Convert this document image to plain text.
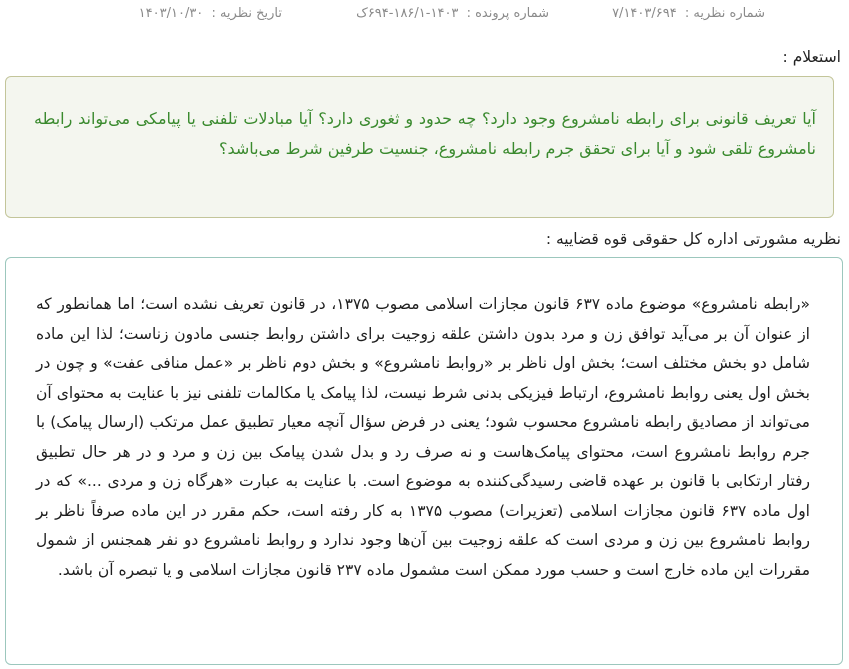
شماره نظریه : ۷/۱۴۰۳/۶۹۴
شماره پرونده : ۱۴۰۳-۱۸۶/۱-۶۹۴ک
تاریخ نظریه : ۱۴۰۳/۱۰/۳۰
استعلام :

آیا تعریف قانونی برای رابطه نامشروع وجود دارد؟ چه حدود و ثغوری دارد؟ آیا مبادلات تلفنی یا پیامکی می‌تواند رابطه نامشروع تلقی شود و آیا برای تحقق جرم رابطه نامشروع، جنسیت طرفین شرط می‌باشد؟

نظریه مشورتی اداره کل حقوقی قوه قضاییه :

«رابطه نامشروع» موضوع ماده ۶۳۷ قانون مجازات اسلامی مصوب ۱۳۷۵، در قانون تعریف نشده است؛ اما همانطور که از عنوان آن بر می‌آید توافق زن و مرد بدون داشتن علقه زوجیت برای داشتن روابط جنسی مادون زناست؛ لذا این ماده شامل دو بخش مختلف است؛ بخش اول ناظر بر «روابط نامشروع» و بخش دوم ناظر بر «عمل منافی عفت» و چون در بخش اول یعنی روابط نامشروع، ارتباط فیزیکی بدنی شرط نیست، لذا پیامک یا مکالمات تلفنی نیز با عنایت به محتوای آن می‌تواند از مصادیق رابطه نامشروع محسوب شود؛ یعنی در فرض سؤال آنچه معیار تطبیق عمل مرتکب (ارسال پیامک) با جرم روابط نامشروع است، محتوای پیامک‌هاست و نه صرف رد و بدل شدن پیامک بین زن و مرد و در هر حال تطبیق رفتار ارتکابی با قانون بر عهده قاضی رسیدگی‌کننده به موضوع است. با عنایت به عبارت «هرگاه زن و مردی ...» که در اول ماده ۶۳۷ قانون مجازات اسلامی (تعزیرات) مصوب ۱۳۷۵ به کار رفته است، حکم مقرر در این ماده صرفاً ناظر بر روابط نامشروع بین زن و مردی است که علقه زوجیت بین آن‌ها وجود ندارد و روابط نامشروع دو نفر همجنس از شمول مقررات این ماده خارج است و حسب مورد ممکن است مشمول ماده ۲۳۷ قانون مجازات اسلامی و یا تبصره آن باشد.
